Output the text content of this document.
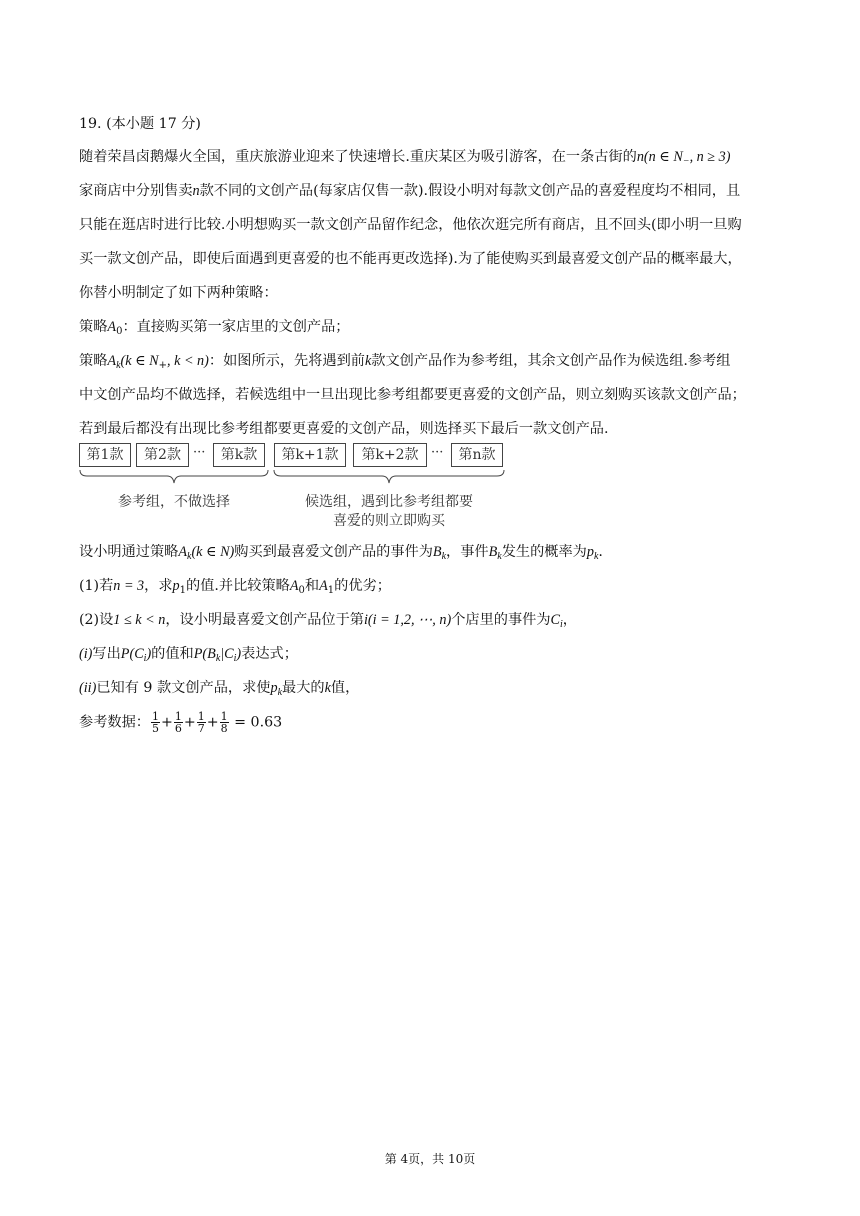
19. (本小题 17 分)
随着荣昌卤鹅爆火全国，重庆旅游业迎来了快速增长.重庆某区为吸引游客，在一条古街的n(n ∈ $N_-$, n ≥ 3)
家商店中分别售卖n款不同的文创产品(每家店仅售一款).假设小明对每款文创产品的喜爱程度均不相同，且
只能在逛店时进行比较.小明想购买一款文创产品留作纪念，他依次逛完所有商店，且不回头(即小明一旦购
买一款文创产品，即使后面遇到更喜爱的也不能再更改选择).为了能使购买到最喜爱文创产品的概率最大，
你替小明制定了如下两种策略：
策略$A_0$：直接购买第一家店里的文创产品；
策略$A_k(k$ ∈ $N_+$, k < n)：如图所示，先将遇到前k款文创产品作为参考组，其余文创产品作为候选组.参考组
中文创产品均不做选择，若候选组中一旦出现比参考组都要更喜爱的文创产品，则立刻购买该款文创产品；
若到最后都没有出现比参考组都要更喜爱的文创产品，则选择买下最后一款文创产品.
第1款	第2款 ···	第k款	第k+1款	第k+2款 ···	第n款
参考组，不做选择	候选组，遇到比参考组都要
喜爱的则立即购买
设小明通过策略$A_k(k$ ∈ N)购买到最喜爱文创产品的事件为$B_k$，事件$B_k$发生的概率为$p_k$.
(1)若n = 3，求$p_1$的值.并比较策略$A_0$和$A_1$的优劣；
(2)设1 ≤ k < n，设小明最喜爱文创产品位于第i(i = 1,2, ⋯, n)个店里的事件为$C_i$，
(i)写出$P(C_i)$的值和$P(B_k|C_i)$表达式；
(ii)已知有 9 款文创产品，求使$p_k$最大的k值，
参考数据： $\frac{1}{5} + \frac{1}{6} + \frac{1}{7} + \frac{1}{8} = 0.63$
第 4页，共 10页
